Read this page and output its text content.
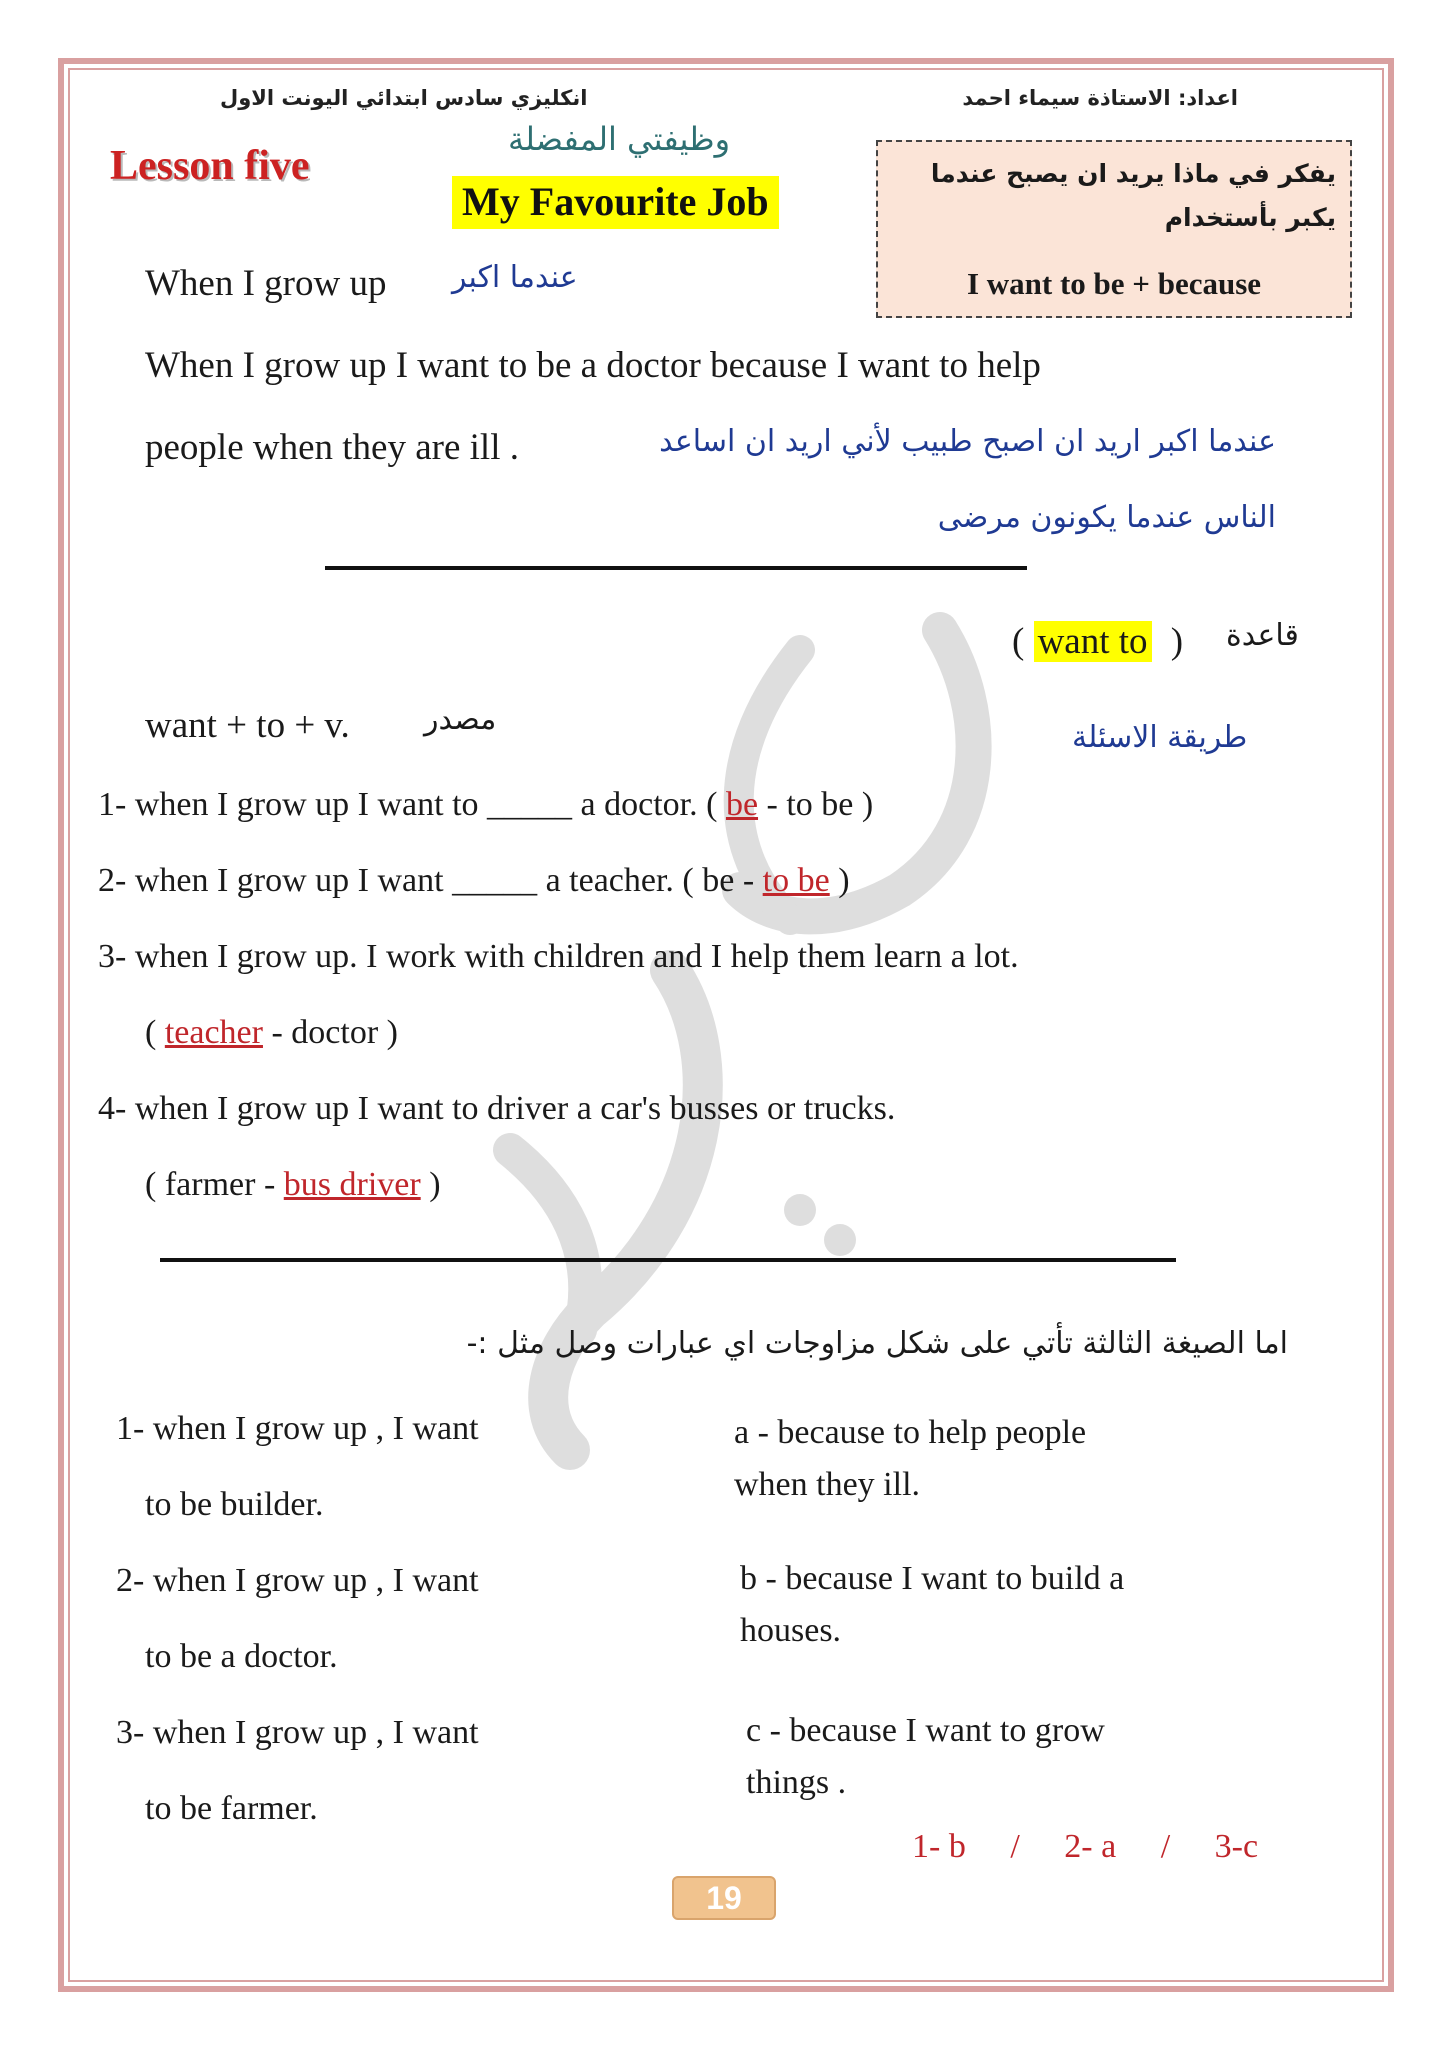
انكليزي سادس ابتدائي اليونت الاول	اعداد: الاستاذة سيماء احمد
Lesson five
وظيفتي المفضلة
My Favourite Job
يفكر في ماذا يريد ان يصبح عندما يكبر بأستخدام
I want to be + because
When I grow up عندما اكبر
When I grow up I want to be a doctor because I want to help
people when they are ill .	عندما اكبر اريد ان اصبح طبيب لأني اريد ان اساعد
الناس عندما يكونون مرضى
( want to ) قاعدة
want + to + v. مصدر
طريقة الاسئلة
1- when I grow up I want to _____ a doctor. ( be - to be )
2- when I grow up I want _____ a teacher. ( be - to be )
3- when I grow up. I work with children and I help them learn a lot.
( teacher - doctor )
4- when I grow up I want to driver a car's busses or trucks.
( farmer - bus driver )
اما الصيغة الثالثة تأتي على شكل مزاوجات اي عبارات وصل مثل :-
1- when I grow up , I want
to be builder.
2- when I grow up , I want
to be a doctor.
3- when I grow up , I want
to be farmer.
a - because to help people
when they ill.
b - because I want to build a
houses.
c - because I want to grow
things .
1- b / 2- a / 3-c
19
